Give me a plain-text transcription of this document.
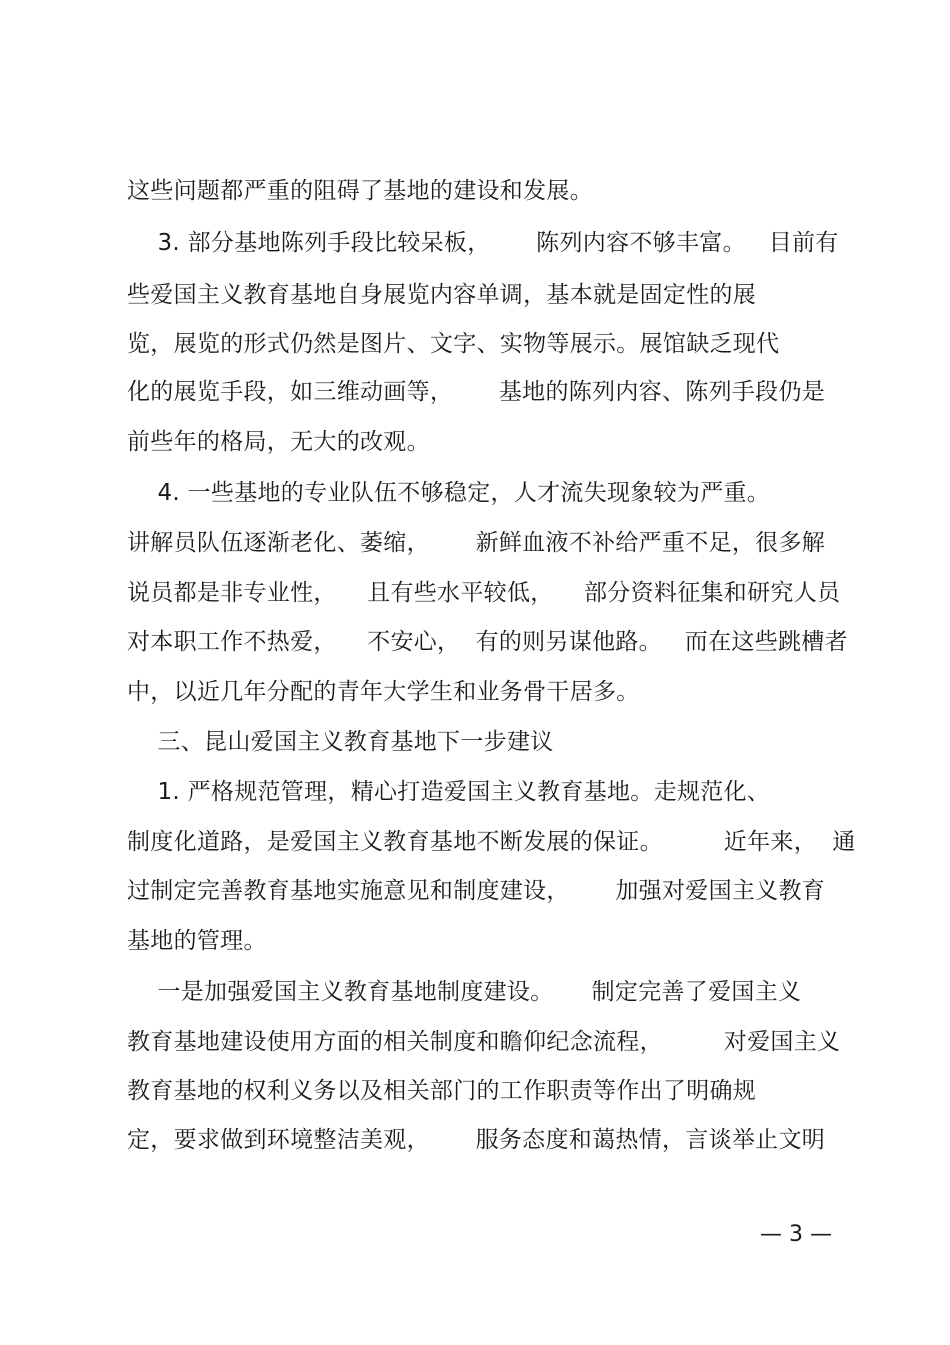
这些问题都严重的阻碍了基地的建设和发展。
3. 部分基地陈列手段比较呆板，      陈列内容不够丰富。   目前有
些爱国主义教育基地自身展览内容单调，基本就是固定性的展
览，展览的形式仍然是图片、文字、实物等展示。展馆缺乏现代
化的展览手段，如三维动画等，      基地的陈列内容、陈列手段仍是
前些年的格局，无大的改观。
4. 一些基地的专业队伍不够稳定，人才流失现象较为严重。
讲解员队伍逐渐老化、萎缩，      新鲜血液不补给严重不足，很多解
说员都是非专业性，    且有些水平较低，    部分资料征集和研究人员
对本职工作不热爱，    不安心，  有的则另谋他路。   而在这些跳槽者
中，以近几年分配的青年大学生和业务骨干居多。
三、昆山爱国主义教育基地下一步建议
1. 严格规范管理，精心打造爱国主义教育基地。走规范化、
制度化道路，是爱国主义教育基地不断发展的保证。        近年来，  通
过制定完善教育基地实施意见和制度建设，      加强对爱国主义教育
基地的管理。
一是加强爱国主义教育基地制度建设。     制定完善了爱国主义
教育基地建设使用方面的相关制度和瞻仰纪念流程，        对爱国主义
教育基地的权利义务以及相关部门的工作职责等作出了明确规
定，要求做到环境整洁美观，      服务态度和蔼热情，言谈举止文明
— 3 —
